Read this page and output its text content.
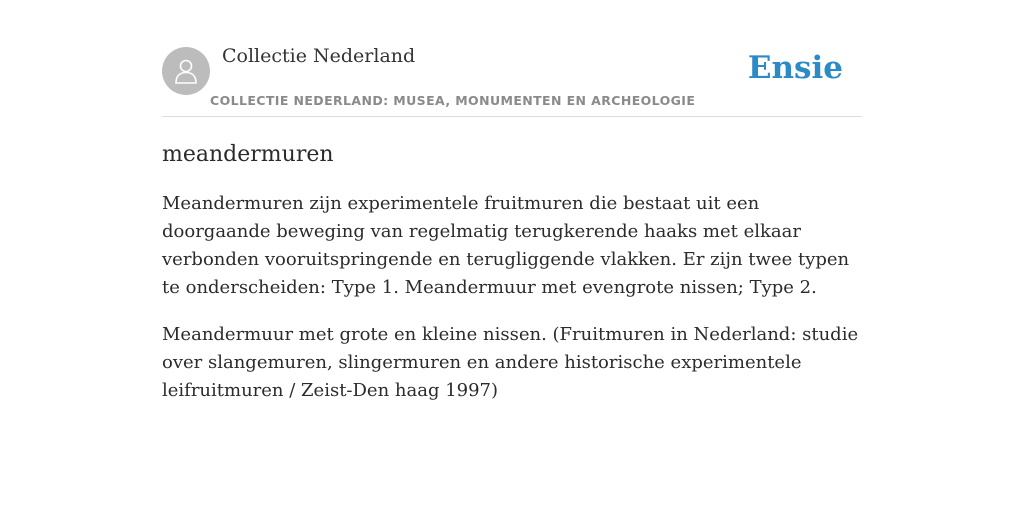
Collectie Nederland
COLLECTIE NEDERLAND: MUSEA, MONUMENTEN EN ARCHEOLOGIE
Ensie
meandermuren

Meandermuren zijn experimentele fruitmuren die bestaat uit een doorgaande beweging van regelmatig terugkerende haaks met elkaar verbonden vooruitspringende en terugliggende vlakken. Er zijn twee typen te onderscheiden: Type 1. Meandermuur met evengrote nissen; Type 2.

Meandermuur met grote en kleine nissen. (Fruitmuren in Nederland: studie over slangemuren, slingermuren en andere historische experimentele leifruitmuren / Zeist-Den haag 1997)
